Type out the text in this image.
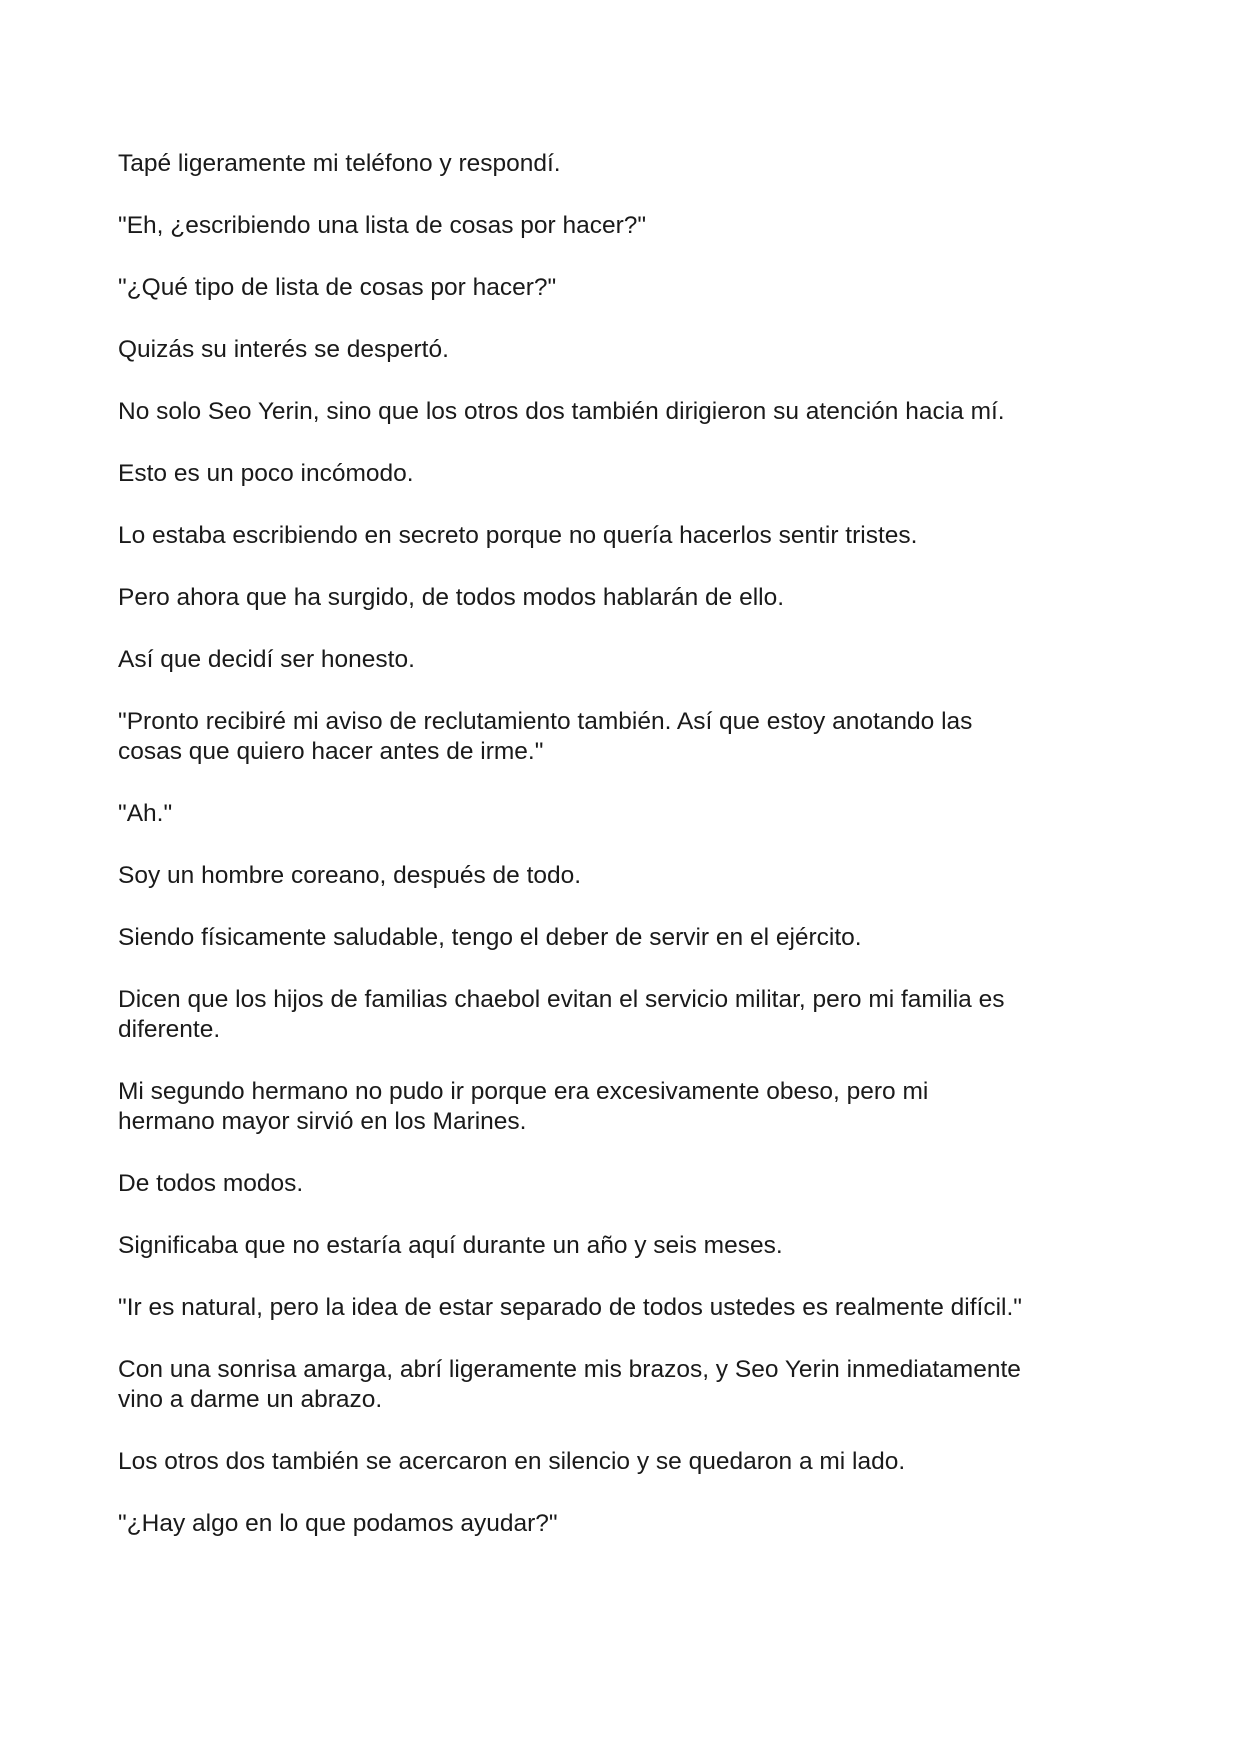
Tapé ligeramente mi teléfono y respondí.

"Eh, ¿escribiendo una lista de cosas por hacer?"

"¿Qué tipo de lista de cosas por hacer?"

Quizás su interés se despertó.

No solo Seo Yerin, sino que los otros dos también dirigieron su atención hacia mí.

Esto es un poco incómodo.

Lo estaba escribiendo en secreto porque no quería hacerlos sentir tristes.

Pero ahora que ha surgido, de todos modos hablarán de ello.

Así que decidí ser honesto.

"Pronto recibiré mi aviso de reclutamiento también. Así que estoy anotando las
cosas que quiero hacer antes de irme."

"Ah."

Soy un hombre coreano, después de todo.

Siendo físicamente saludable, tengo el deber de servir en el ejército.

Dicen que los hijos de familias chaebol evitan el servicio militar, pero mi familia es
diferente.

Mi segundo hermano no pudo ir porque era excesivamente obeso, pero mi
hermano mayor sirvió en los Marines.

De todos modos.

Significaba que no estaría aquí durante un año y seis meses.

"Ir es natural, pero la idea de estar separado de todos ustedes es realmente difícil."

Con una sonrisa amarga, abrí ligeramente mis brazos, y Seo Yerin inmediatamente
vino a darme un abrazo.

Los otros dos también se acercaron en silencio y se quedaron a mi lado.

"¿Hay algo en lo que podamos ayudar?"
